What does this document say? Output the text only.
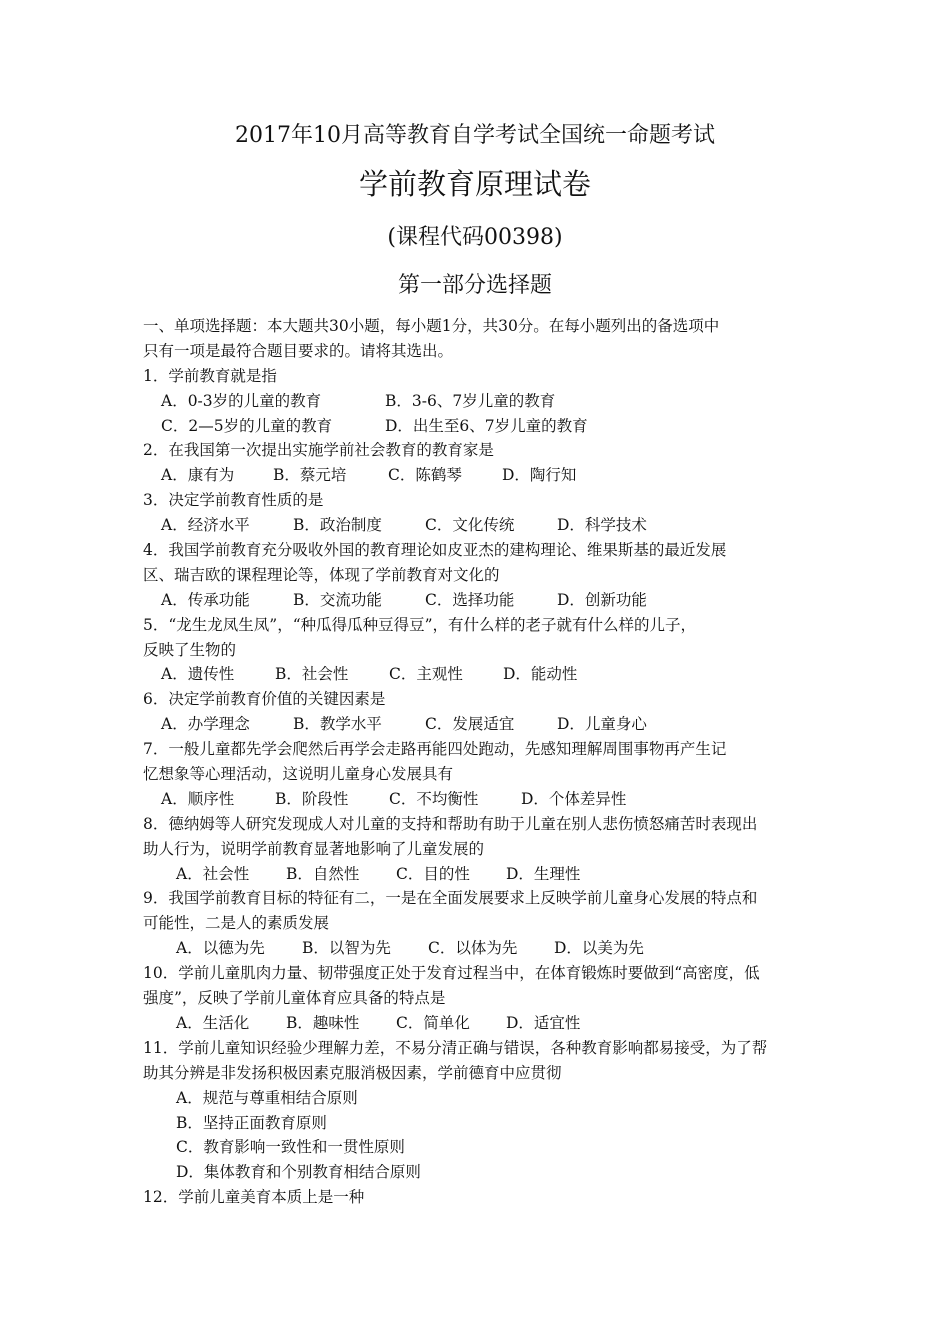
2017年10月高等教育自学考试全国统一命题考试
学前教育原理试卷
(课程代码00398)
第一部分选择题
一、单项选择题：本大题共30小题，每小题1分，共30分。在每小题列出的备选项中
只有一项是最符合题目要求的。请将其选出。
1．学前教育就是指
A．0-3岁的儿童的教育	B．3-6、7岁儿童的教育
C．2—5岁的儿童的教育	D．出生至6、7岁儿童的教育
2．在我国第一次提出实施学前社会教育的教育家是
A．康有为	B．蔡元培	C．陈鹤琴	D．陶行知
3．决定学前教育性质的是
A．经济水平	B．政治制度	C．文化传统	D．科学技术
4．我国学前教育充分吸收外国的教育理论如皮亚杰的建构理论、维果斯基的最近发展
区、瑞吉欧的课程理论等，体现了学前教育对文化的
A．传承功能	B．交流功能	C．选择功能	D．创新功能
5．“龙生龙凤生凤”，“种瓜得瓜种豆得豆”，有什么样的老子就有什么样的儿子，
反映了生物的
A．遗传性	B．社会性	C．主观性	D．能动性
6．决定学前教育价值的关键因素是
A．办学理念	B．教学水平	C．发展适宜	D．儿童身心
7．一般儿童都先学会爬然后再学会走路再能四处跑动，先感知理解周围事物再产生记
忆想象等心理活动，这说明儿童身心发展具有
A．顺序性	B．阶段性	C．不均衡性	D．个体差异性
8．德纳姆等人研究发现成人对儿童的支持和帮助有助于儿童在别人悲伤愤怒痛苦时表现出
助人行为，说明学前教育显著地影响了儿童发展的
A．社会性 B．自然性 C．目的性 D．生理性
9．我国学前教育目标的特征有二，一是在全面发展要求上反映学前儿童身心发展的特点和
可能性，二是人的素质发展
A．以德为先 B．以智为先 C．以体为先 D．以美为先
10．学前儿童肌肉力量、韧带强度正处于发育过程当中，在体育锻炼时要做到“高密度，低
强度”，反映了学前儿童体育应具备的特点是
A．生活化 B．趣味性 C．简单化 D．适宜性
11．学前儿童知识经验少理解力差，不易分清正确与错误，各种教育影响都易接受，为了帮
助其分辨是非发扬积极因素克服消极因素，学前德育中应贯彻
A．规范与尊重相结合原则
B．坚持正面教育原则
C．教育影响一致性和一贯性原则
D．集体教育和个别教育相结合原则
12．学前儿童美育本质上是一种
